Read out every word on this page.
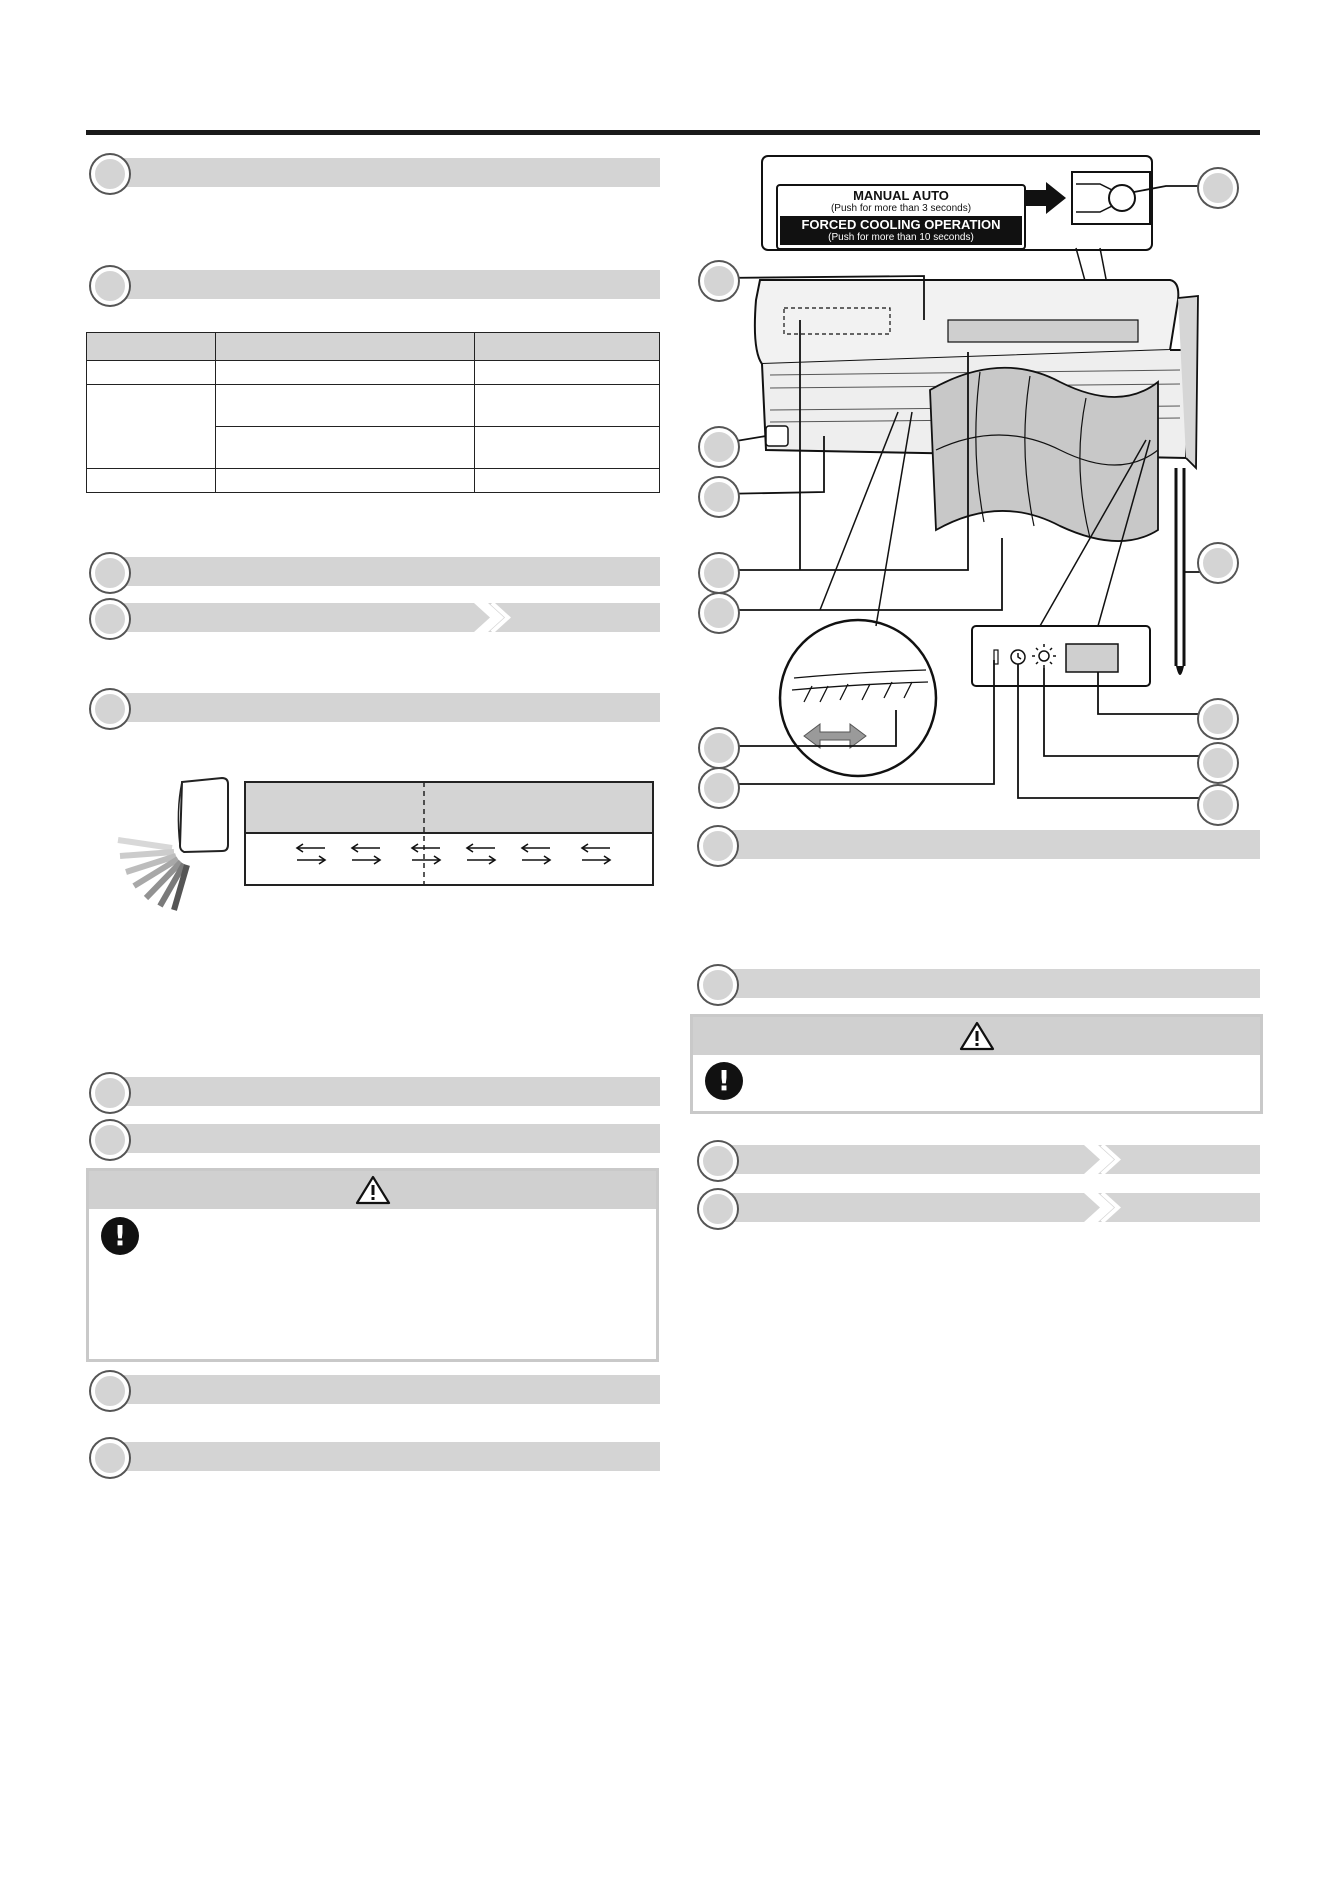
!
MANUAL AUTO
(Push for more than 3 seconds)
FORCED COOLING OPERATION
(Push for more than 10 seconds)
!
